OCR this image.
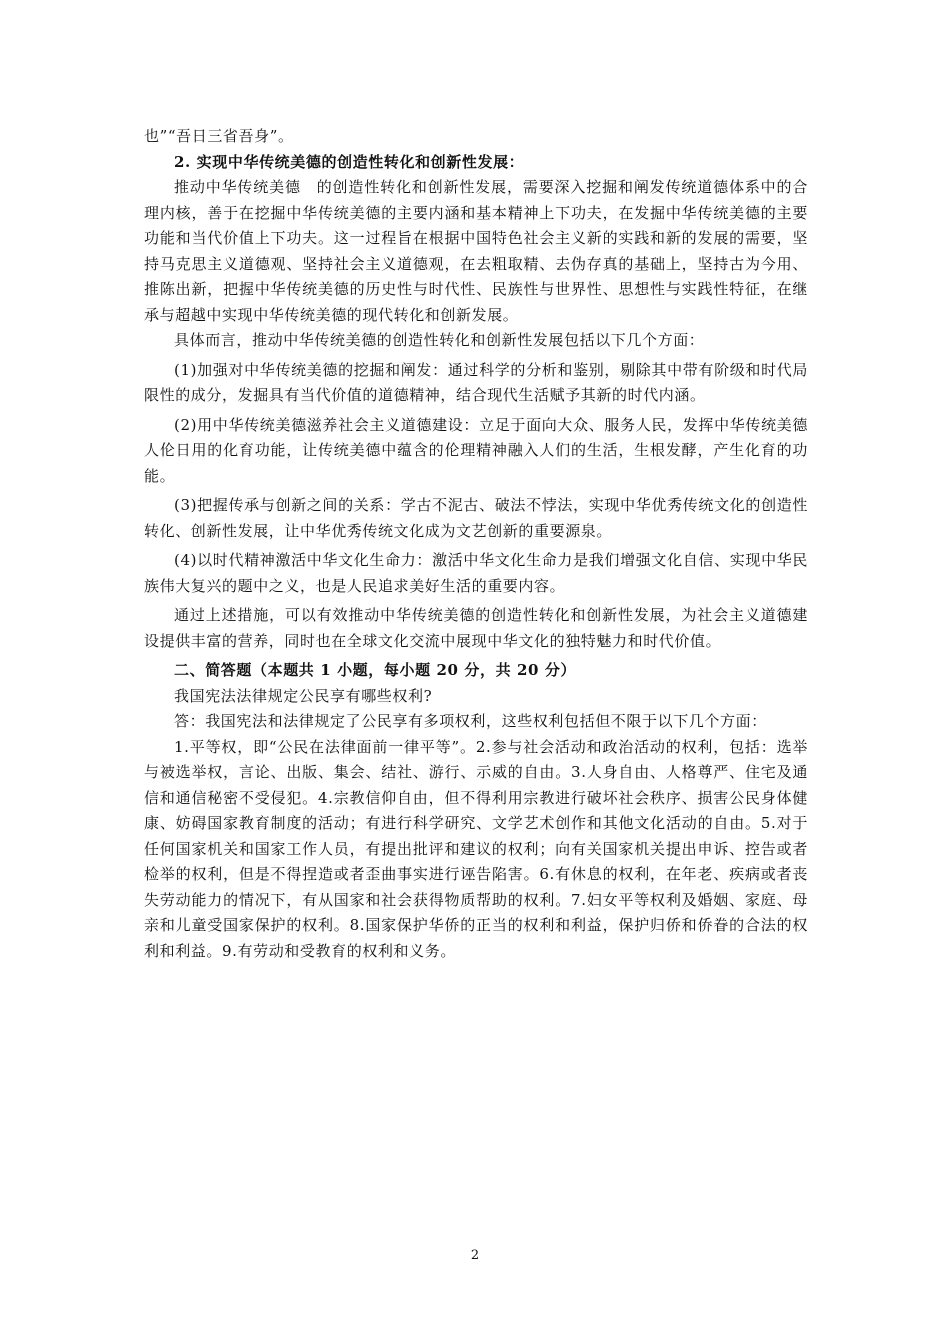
也”“吾日三省吾身”。

2. 实现中华传统美德的创造性转化和创新性发展：

推动中华传统美德　的创造性转化和创新性发展，需要深入挖掘和阐发传统道德体系中的合理内核，善于在挖掘中华传统美德的主要内涵和基本精神上下功夫，在发掘中华传统美德的主要功能和当代价值上下功夫。这一过程旨在根据中国特色社会主义新的实践和新的发展的需要，坚持马克思主义道德观、坚持社会主义道德观，在去粗取精、去伪存真的基础上，坚持古为今用、推陈出新，把握中华传统美德的历史性与时代性、民族性与世界性、思想性与实践性特征，在继承与超越中实现中华传统美德的现代转化和创新发展。

具体而言，推动中华传统美德的创造性转化和创新性发展包括以下几个方面：

(1)加强对中华传统美德的挖掘和阐发：通过科学的分析和鉴别，剔除其中带有阶级和时代局限性的成分，发掘具有当代价值的道德精神，结合现代生活赋予其新的时代内涵。

(2)用中华传统美德滋养社会主义道德建设：立足于面向大众、服务人民，发挥中华传统美德人伦日用的化育功能，让传统美德中蕴含的伦理精神融入人们的生活，生根发酵，产生化育的功能。

(3)把握传承与创新之间的关系：学古不泥古、破法不悖法，实现中华优秀传统文化的创造性转化、创新性发展，让中华优秀传统文化成为文艺创新的重要源泉。

(4)以时代精神激活中华文化生命力：激活中华文化生命力是我们增强文化自信、实现中华民族伟大复兴的题中之义，也是人民追求美好生活的重要内容。

通过上述措施，可以有效推动中华传统美德的创造性转化和创新性发展，为社会主义道德建设提供丰富的营养，同时也在全球文化交流中展现中华文化的独特魅力和时代价值。

二、简答题（本题共 1 小题，每小题 20 分，共 20 分）

我国宪法法律规定公民享有哪些权利?

答：我国宪法和法律规定了公民享有多项权利，这些权利包括但不限于以下几个方面：

1.平等权，即“公民在法律面前一律平等”。2.参与社会活动和政治活动的权利，包括：选举与被选举权，言论、出版、集会、结社、游行、示威的自由。3.人身自由、人格尊严、住宅及通信和通信秘密不受侵犯。4.宗教信仰自由，但不得利用宗教进行破坏社会秩序、损害公民身体健康、妨碍国家教育制度的活动；有进行科学研究、文学艺术创作和其他文化活动的自由。5.对于任何国家机关和国家工作人员，有提出批评和建议的权利；向有关国家机关提出申诉、控告或者检举的权利，但是不得捏造或者歪曲事实进行诬告陷害。6.有休息的权利，在年老、疾病或者丧失劳动能力的情况下，有从国家和社会获得物质帮助的权利。7.妇女平等权利及婚姻、家庭、母亲和儿童受国家保护的权利。8.国家保护华侨的正当的权利和利益，保护归侨和侨眷的合法的权利和利益。9.有劳动和受教育的权利和义务。

2
